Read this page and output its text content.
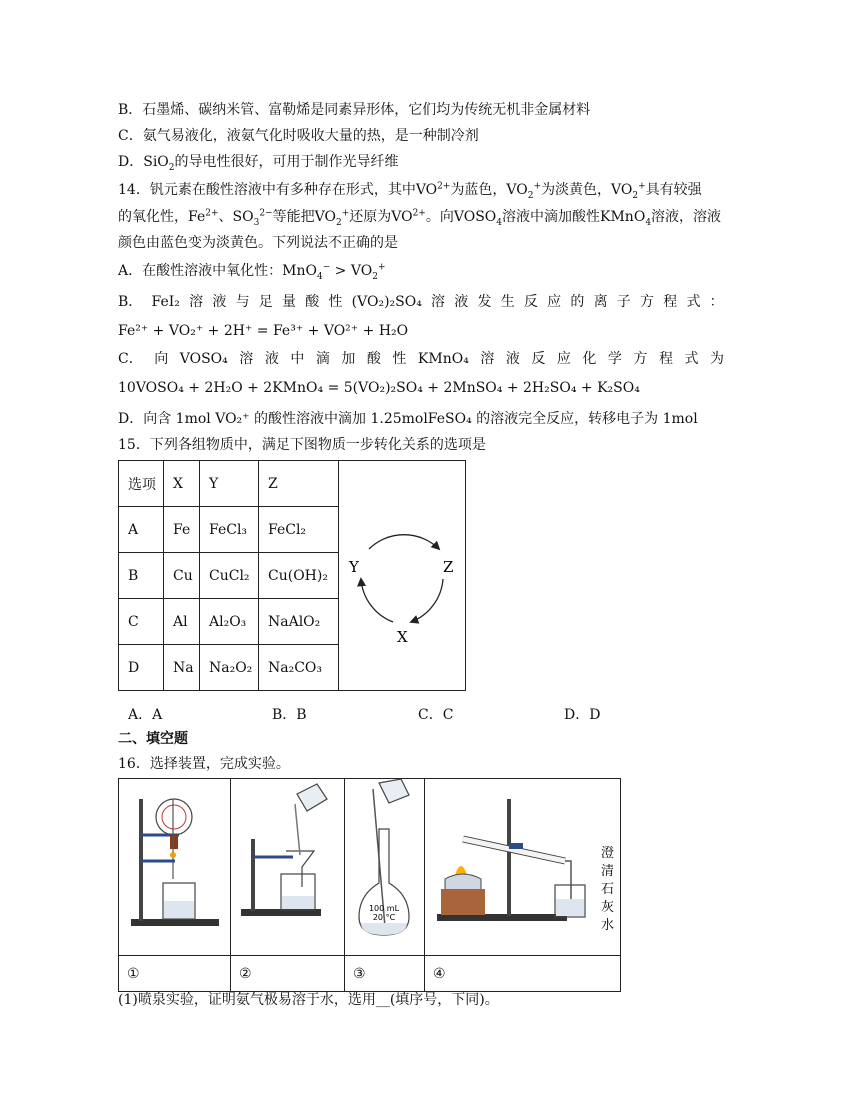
B．石墨烯、碳纳米管、富勒烯是同素异形体，它们均为传统无机非金属材料
C．氨气易液化，液氨气化时吸收大量的热，是一种制冷剂
D．SiO$_2$的导电性很好，可用于制作光导纤维
14．钒元素在酸性溶液中有多种存在形式，其中$VO^{2+}$为蓝色，$VO_2^+$为淡黄色，$VO_2^+$具有较强
的氧化性，$Fe^{2+}$、$SO_3^{2-}$等能把$VO_2^+$还原为$VO^{2+}$。向$VOSO_4$溶液中滴加酸性KMnO$_4$溶液，溶液
颜色由蓝色变为淡黄色。下列说法不正确的是
A．在酸性溶液中氧化性：$MnO_4^- > VO_2^+$
B． FeI₂ 溶 液 与 足 量 酸 性 (VO₂)₂SO₄ 溶 液 发 生 反 应 的 离 子 方 程 式 ：
Fe²⁺ + VO₂⁺ + 2H⁺ = Fe³⁺ + VO²⁺ + H₂O
C． 向 VOSO₄ 溶 液 中 滴 加 酸 性 KMnO₄ 溶 液 反 应 化 学 方 程 式 为
10VOSO₄ + 2H₂O + 2KMnO₄ = 5(VO₂)₂SO₄ + 2MnSO₄ + 2H₂SO₄ + K₂SO₄
D．向含 1mol VO₂⁺ 的酸性溶液中滴加 1.25molFeSO₄ 的溶液完全反应，转移电子为 1mol
15．下列各组物质中，满足下图物质一步转化关系的选项是
选项	X	Y	Z	Y Z
X

A	Fe	FeCl₃	FeCl₂	
B	Cu	CuCl₂	Cu(OH)₂	
C	Al	Al₂O₃	NaAlO₂	
D	Na	Na₂O₂	Na₂CO₃	
A．A	B．B	C．C	D．D
二、填空题
16．选择装置，完成实验。

100 mL
20 °C	澄
清
石
灰
水

①	②	③	④
(1)喷泉实验，证明氨气极易溶于水，选用__(填序号，下同)。
